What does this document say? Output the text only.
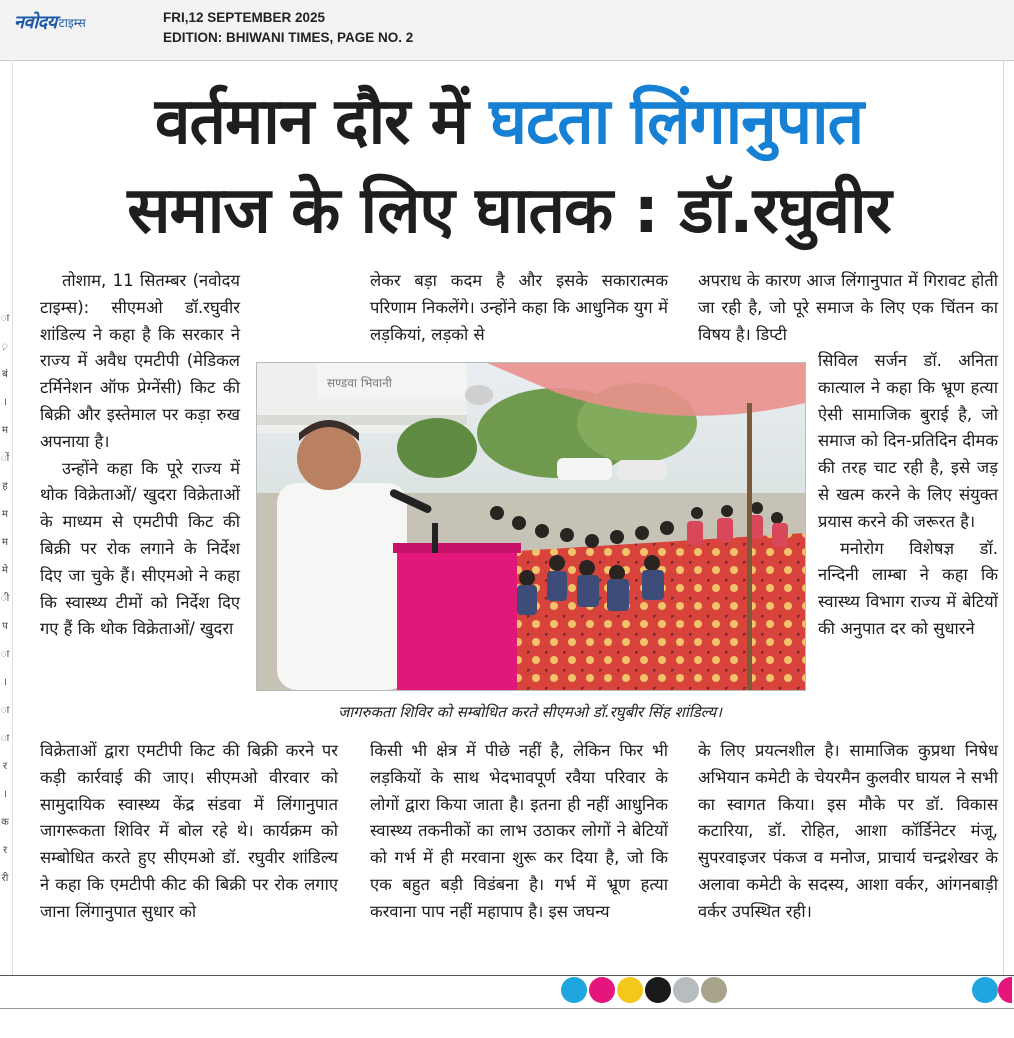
नवोदय टाइम्स	FRI,12 SEPTEMBER 2025
EDITION: BHIWANI TIMES, PAGE NO. 2
ा
़
बं
।
म
ों
ह
म
म
मे
ी
प
ा
।
ा
ा
र
।
क
र
री
वर्तमान दौर में घटता लिंगानुपात
समाज के लिए घातक : डॉ.रघुवीर

तोशाम, 11 सितम्बर (नवोदय टाइम्स): सीएमओ डॉ.रघुवीर शांडिल्य ने कहा है कि सरकार ने राज्य में अवैध एमटीपी (मेडिकल टर्मिनेशन ऑफ प्रेग्नेंसी) किट की बिक्री और इस्तेमाल पर कड़ा रुख अपनाया है।

उन्होंने कहा कि पूरे राज्य में थोक विक्रेताओं/ खुदरा विक्रेताओं के माध्यम से एमटीपी किट की बिक्री पर रोक लगाने के निर्देश दिए जा चुके हैं। सीएमओ ने कहा कि स्वास्थ्य टीमों को निर्देश दिए गए हैं कि थोक विक्रेताओं/ खुदरा

विक्रेताओं द्वारा एमटीपी किट की बिक्री करने पर कड़ी कार्रवाई की जाए। सीएमओ वीरवार को सामुदायिक स्वास्थ्य केंद्र संडवा में लिंगानुपात जागरूकता शिविर में बोल रहे थे। कार्यक्रम को सम्बोधित करते हुए सीएमओ डॉ. रघुवीर शांडिल्य ने कहा कि एमटीपी कीट की बिक्री पर रोक लगाए जाना लिंगानुपात सुधार को

लेकर बड़ा कदम है और इसके सकारात्मक परिणाम निकलेंगे। उन्होंने कहा कि आधुनिक युग में लड़कियां, लड़को से

किसी भी क्षेत्र में पीछे नहीं है, लेकिन फिर भी लड़कियों के साथ भेदभावपूर्ण रवैया परिवार के लोगों द्वारा किया जाता है। इतना ही नहीं आधुनिक स्वास्थ्य तकनीकों का लाभ उठाकर लोगों ने बेटियों को गर्भ में ही मरवाना शुरू कर दिया है, जो कि एक बहुत बड़ी विडंबना है। गर्भ में भ्रूण हत्या करवाना पाप नहीं महापाप है। इस जघन्य

अपराध के कारण आज लिंगानुपात में गिरावट होती जा रही है, जो पूरे समाज के लिए एक चिंतन का विषय है। डिप्टी

सिविल सर्जन डॉ. अनिता कात्याल ने कहा कि भ्रूण हत्या ऐसी सामाजिक बुराई है, जो समाज को दिन-प्रतिदिन दीमक की तरह चाट रही है, इसे जड़ से खत्म करने के लिए संयुक्त प्रयास करने की जरूरत है।

मनोरोग विशेषज्ञ डॉ. नन्दिनी लाम्बा ने कहा कि स्वास्थ्य विभाग राज्य में बेटियों की अनुपात दर को सुधारने

के लिए प्रयत्नशील है। सामाजिक कुप्रथा निषेध अभियान कमेटी के चेयरमैन कुलवीर घायल ने सभी का स्वागत किया। इस मौके पर डॉ. विकास कटारिया, डॉ. रोहित, आशा कॉर्डिनेटर मंजू, सुपरवाइजर पंकज व मनोज, प्राचार्य चन्द्रशेखर के अलावा कमेटी के सदस्य, आशा वर्कर, आंगनबाड़ी वर्कर उपस्थित रही।

सण्डवा भिवानी
जागरुकता शिविर को सम्बोधित करते सीएमओ डॉ.रघुबीर सिंह शांडिल्य।
